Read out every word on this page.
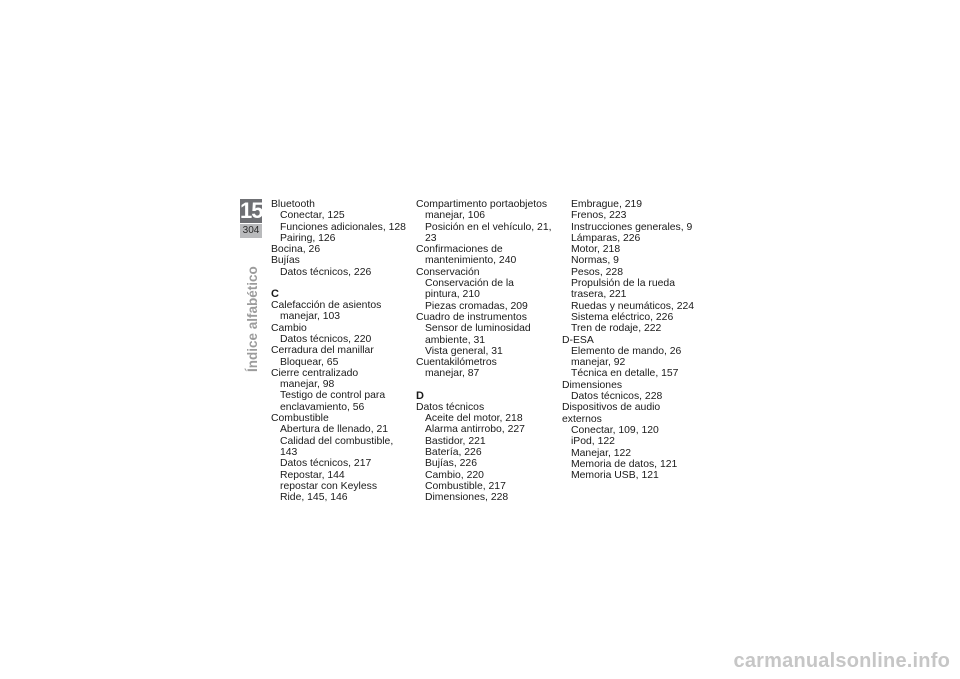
15
304
Índice alfabético
Bluetooth
Conectar, 125
Funciones adicionales, 128
Pairing, 126
Bocina, 26
Bujías
Datos técnicos, 226
C
Calefacción de asientos
manejar, 103
Cambio
Datos técnicos, 220
Cerradura del manillar
Bloquear, 65
Cierre centralizado
manejar, 98
Testigo de control para
enclavamiento, 56
Combustible
Abertura de llenado, 21
Calidad del combustible, 143
Datos técnicos, 217
Repostar, 144
repostar con Keyless
Ride, 145, 146
Compartimento portaobjetos
manejar, 106
Posición en el vehículo, 21, 23
Confirmaciones de
mantenimiento, 240
Conservación
Conservación de la
pintura, 210
Piezas cromadas, 209
Cuadro de instrumentos
Sensor de luminosidad
ambiente, 31
Vista general, 31
Cuentakilómetros
manejar, 87
D
Datos técnicos
Aceite del motor, 218
Alarma antirrobo, 227
Bastidor, 221
Batería, 226
Bujías, 226
Cambio, 220
Combustible, 217
Dimensiones, 228
Embrague, 219
Frenos, 223
Instrucciones generales, 9
Lámparas, 226
Motor, 218
Normas, 9
Pesos, 228
Propulsión de la rueda
trasera, 221
Ruedas y neumáticos, 224
Sistema eléctrico, 226
Tren de rodaje, 222
D-ESA
Elemento de mando, 26
manejar, 92
Técnica en detalle, 157
Dimensiones
Datos técnicos, 228
Dispositivos de audio externos
Conectar, 109, 120
iPod, 122
Manejar, 122
Memoria de datos, 121
Memoria USB, 121
carmanualsonline.info
